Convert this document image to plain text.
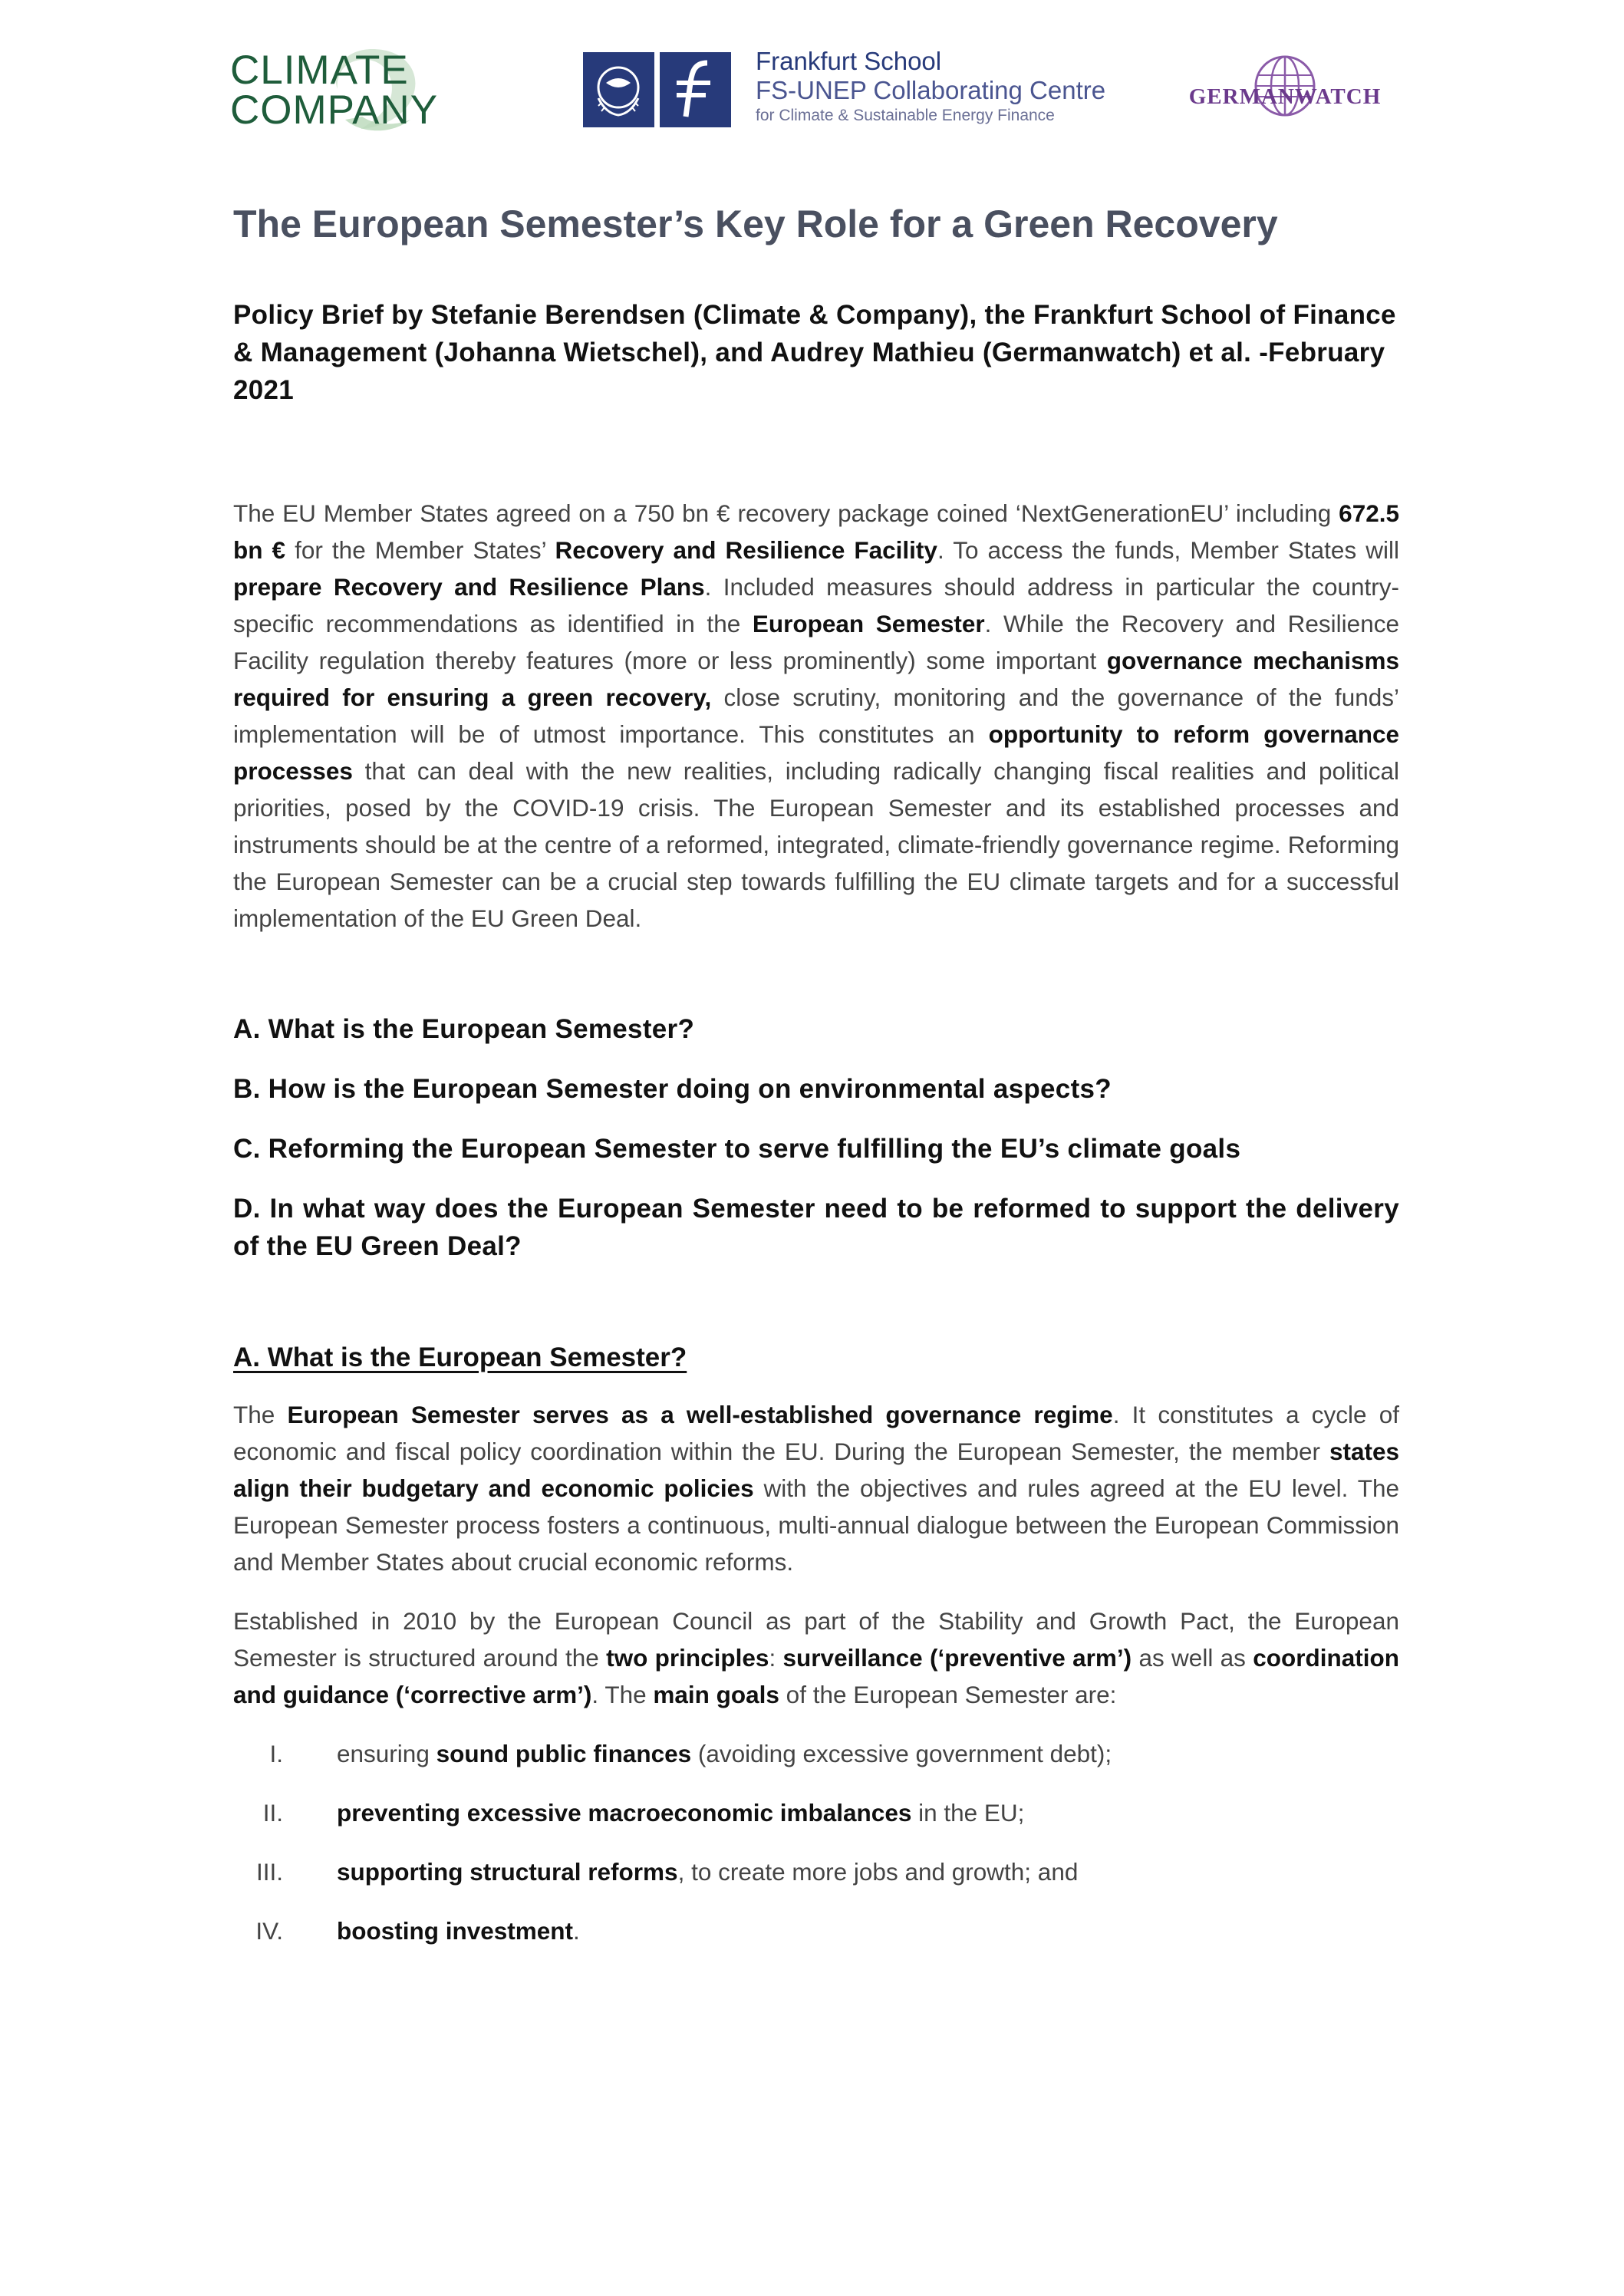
CLIMATE
COMPANY
Frankfurt School
FS-UNEP Collaborating Centre
for Climate & Sustainable Energy Finance
GERMANWATCH
The European Semester’s Key Role for a Green Recovery
Policy Brief by Stefanie Berendsen (Climate & Company), the Frankfurt School of Finance & Management (Johanna Wietschel), and Audrey Mathieu (Germanwatch) et al. -February 2021
The EU Member States agreed on a 750 bn € recovery package coined ‘NextGenerationEU’ including 672.5 bn € for the Member States’ Recovery and Resilience Facility. To access the funds, Member States will prepare Recovery and Resilience Plans. Included measures should address in particular the country-specific recommendations as identified in the European Semester. While the Recovery and Resilience Facility regulation thereby features (more or less prominently) some important governance mechanisms required for ensuring a green recovery, close scrutiny, monitoring and the governance of the funds’ implementation will be of utmost importance. This constitutes an opportunity to reform governance processes that can deal with the new realities, including radically changing fiscal realities and political priorities, posed by the COVID-19 crisis. The European Semester and its established processes and instruments should be at the centre of a reformed, integrated, climate-friendly governance regime. Reforming the European Semester can be a crucial step towards fulfilling the EU climate targets and for a successful implementation of the EU Green Deal.
A. What is the European Semester?
B. How is the European Semester doing on environmental aspects?
C. Reforming the European Semester to serve fulfilling the EU’s climate goals
D. In what way does the European Semester need to be reformed to support the delivery of the EU Green Deal?
A. What is the European Semester?
The European Semester serves as a well-established governance regime. It constitutes a cycle of economic and fiscal policy coordination within the EU. During the European Semester, the member states align their budgetary and economic policies with the objectives and rules agreed at the EU level. The European Semester process fosters a continuous, multi-annual dialogue between the European Commission and Member States about crucial economic reforms.
Established in 2010 by the European Council as part of the Stability and Growth Pact, the European Semester is structured around the two principles: surveillance (‘preventive arm’) as well as coordination and guidance (‘corrective arm’). The main goals of the European Semester are:
I. ensuring sound public finances (avoiding excessive government debt);
II. preventing excessive macroeconomic imbalances in the EU;
III. supporting structural reforms, to create more jobs and growth; and
IV. boosting investment.
